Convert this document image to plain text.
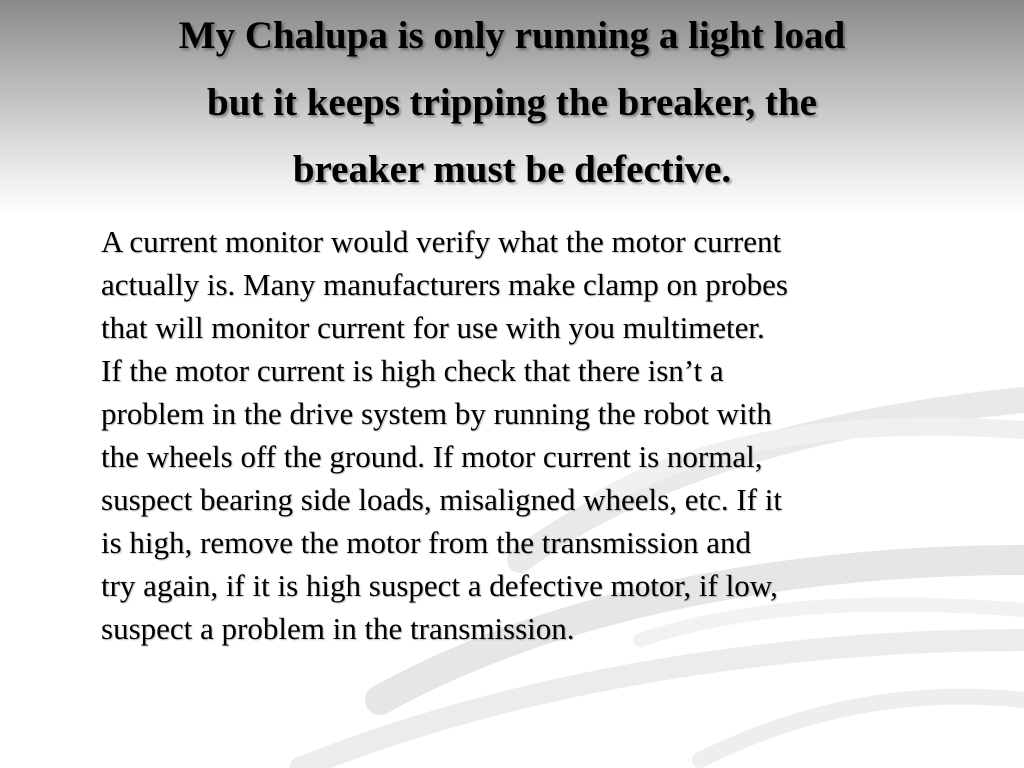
My Chalupa is only running a light load
but it keeps tripping the breaker, the
breaker must be defective.

A current monitor would verify what the motor current
actually is. Many manufacturers make clamp on probes
that will monitor current for use with you multimeter.
If the motor current is high check that there isn’t a
problem in the drive system by running the robot with
the wheels off the ground. If motor current is normal,
suspect bearing side loads, misaligned wheels, etc. If it
is high, remove the motor from the transmission and
try again, if it is high suspect a defective motor, if low,
suspect a problem in the transmission.
